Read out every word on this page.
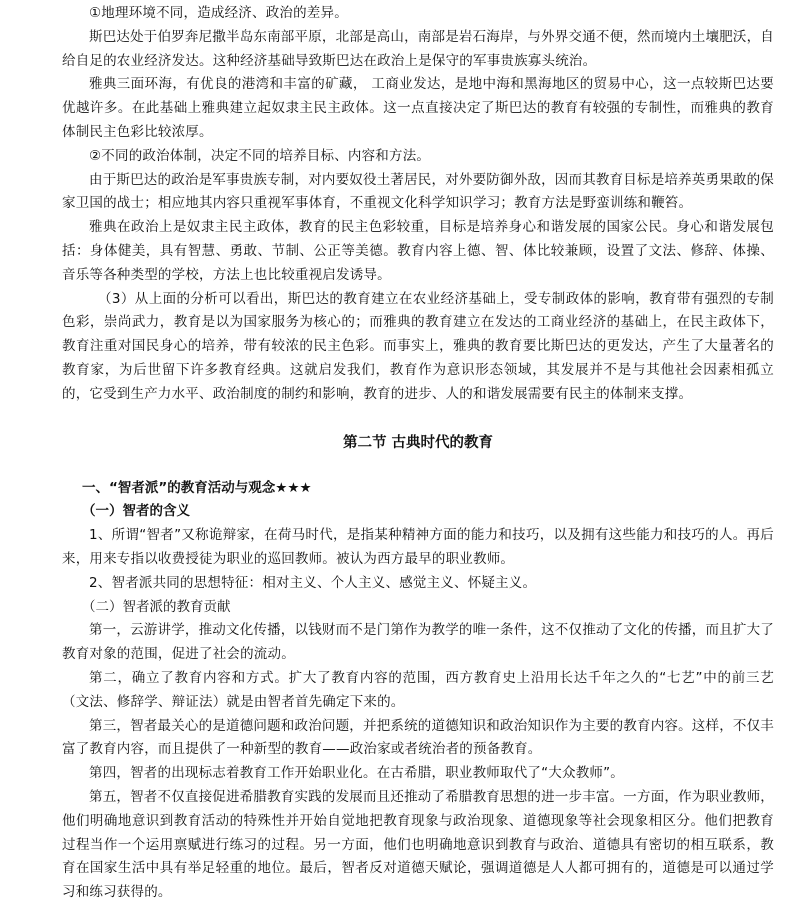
①地理环境不同，造成经济、政治的差异。

斯巴达处于伯罗奔尼撒半岛东南部平原，北部是高山，南部是岩石海岸，与外界交通不便，然而境内土壤肥沃，自给自足的农业经济发达。这种经济基础导致斯巴达在政治上是保守的军事贵族寡头统治。

雅典三面环海，有优良的港湾和丰富的矿藏， 工商业发达，是地中海和黑海地区的贸易中心，这一点较斯巴达要优越许多。在此基础上雅典建立起奴隶主民主政体。这一点直接决定了斯巴达的教育有较强的专制性，而雅典的教育体制民主色彩比较浓厚。

②不同的政治体制，决定不同的培养目标、内容和方法。

由于斯巴达的政治是军事贵族专制，对内要奴役土著居民，对外要防御外敌，因而其教育目标是培养英勇果敢的保家卫国的战士；相应地其内容只重视军事体育，不重视文化科学知识学习；教育方法是野蛮训练和鞭笞。

雅典在政治上是奴隶主民主政体，教育的民主色彩较重，目标是培养身心和谐发展的国家公民。身心和谐发展包括：身体健美，具有智慧、勇敢、节制、公正等美德。教育内容上德、智、体比较兼顾，设置了文法、修辞、体操、音乐等各种类型的学校，方法上也比较重视启发诱导。

（3）从上面的分析可以看出，斯巴达的教育建立在农业经济基础上，受专制政体的影响，教育带有强烈的专制色彩，崇尚武力，教育是以为国家服务为核心的；而雅典的教育建立在发达的工商业经济的基础上，在民主政体下，教育注重对国民身心的培养，带有较浓的民主色彩。而事实上，雅典的教育要比斯巴达的更发达，产生了大量著名的教育家，为后世留下许多教育经典。这就启发我们，教育作为意识形态领域，其发展并不是与其他社会因素相孤立的，它受到生产力水平、政治制度的制约和影响，教育的进步、人的和谐发展需要有民主的体制来支撑。

第二节 古典时代的教育

一、“智者派”的教育活动与观念★★★

（一）智者的含义

1、所谓“智者”又称诡辩家，在荷马时代，是指某种精神方面的能力和技巧，以及拥有这些能力和技巧的人。再后来，用来专指以收费授徒为职业的巡回教师。被认为西方最早的职业教师。

2、智者派共同的思想特征：相对主义、个人主义、感觉主义、怀疑主义。

（二）智者派的教育贡献

第一，云游讲学，推动文化传播，以钱财而不是门第作为教学的唯一条件，这不仅推动了文化的传播，而且扩大了教育对象的范围，促进了社会的流动。

第二，确立了教育内容和方式。扩大了教育内容的范围，西方教育史上沿用长达千年之久的“七艺”中的前三艺（文法、修辞学、辩证法）就是由智者首先确定下来的。

第三，智者最关心的是道德问题和政治问题，并把系统的道德知识和政治知识作为主要的教育内容。这样，不仅丰富了教育内容，而且提供了一种新型的教育——政治家或者统治者的预备教育。

第四，智者的出现标志着教育工作开始职业化。在古希腊，职业教师取代了“大众教师”。

第五，智者不仅直接促进希腊教育实践的发展而且还推动了希腊教育思想的进一步丰富。一方面，作为职业教师，他们明确地意识到教育活动的特殊性并开始自觉地把教育现象与政治现象、道德现象等社会现象相区分。他们把教育过程当作一个运用禀赋进行练习的过程。另一方面，他们也明确地意识到教育与政治、道德具有密切的相互联系，教育在国家生活中具有举足轻重的地位。最后，智者反对道德天赋论，强调道德是人人都可拥有的，道德是可以通过学习和练习获得的。
